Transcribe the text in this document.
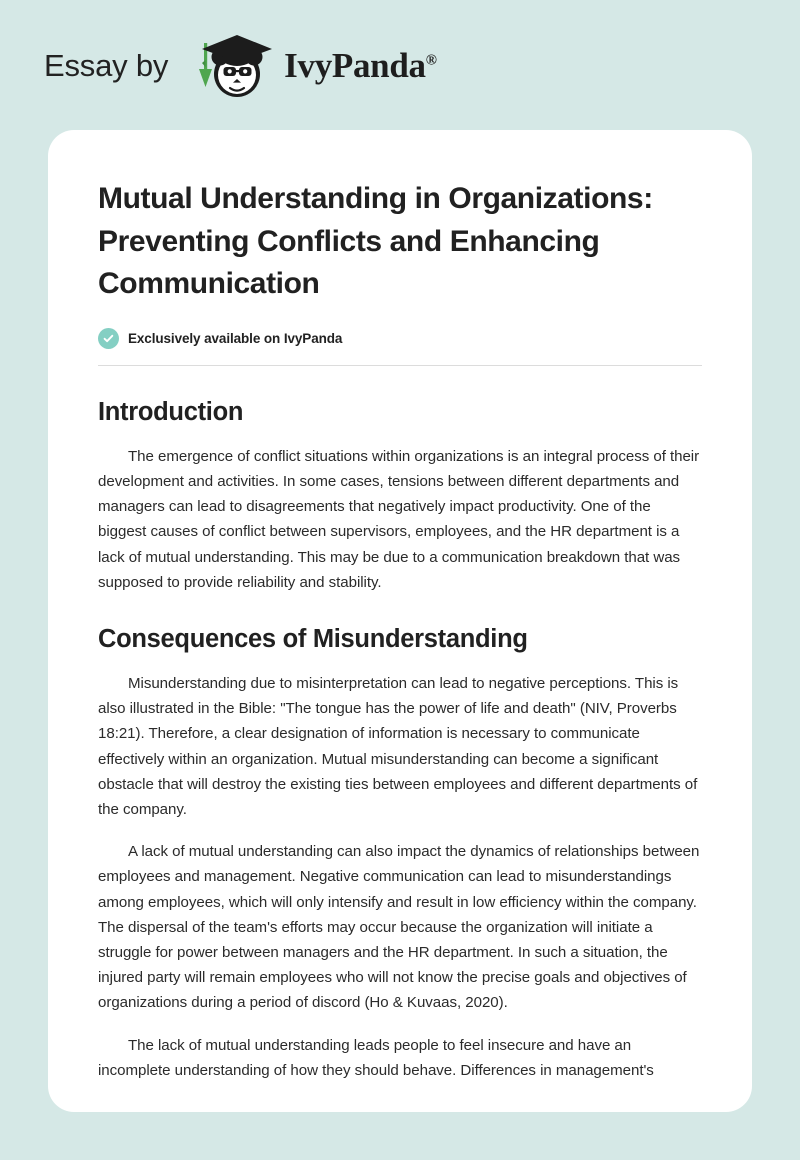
Essay by	IvyPanda®
Mutual Understanding in Organizations: Preventing Conflicts and Enhancing Communication
Exclusively available on IvyPanda
Introduction

The emergence of conflict situations within organizations is an integral process of their development and activities. In some cases, tensions between different departments and managers can lead to disagreements that negatively impact productivity. One of the biggest causes of conflict between supervisors, employees, and the HR department is a lack of mutual understanding. This may be due to a communication breakdown that was supposed to provide reliability and stability.

Consequences of Misunderstanding

Misunderstanding due to misinterpretation can lead to negative perceptions. This is also illustrated in the Bible: "The tongue has the power of life and death" (NIV, Proverbs 18:21). Therefore, a clear designation of information is necessary to communicate effectively within an organization. Mutual misunderstanding can become a significant obstacle that will destroy the existing ties between employees and different departments of the company.

A lack of mutual understanding can also impact the dynamics of relationships between employees and management. Negative communication can lead to misunderstandings among employees, which will only intensify and result in low efficiency within the company. The dispersal of the team's efforts may occur because the organization will initiate a struggle for power between managers and the HR department. In such a situation, the injured party will remain employees who will not know the precise goals and objectives of organizations during a period of discord (Ho & Kuvaas, 2020).

The lack of mutual understanding leads people to feel insecure and have an incomplete understanding of how they should behave. Differences in management's
